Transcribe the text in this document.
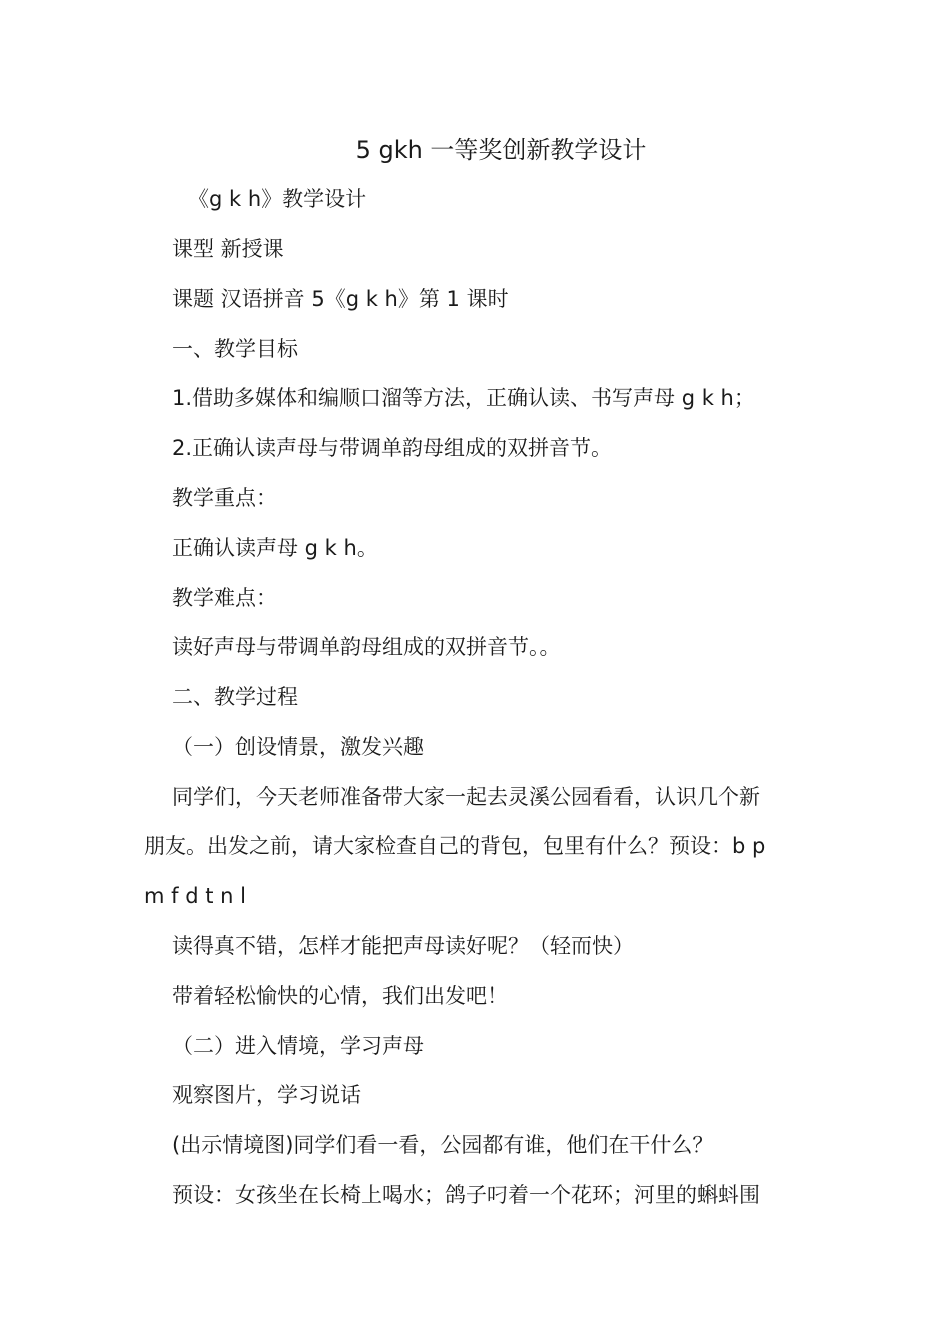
5 gkh 一等奖创新教学设计
《g k h》教学设计
课型 新授课
课题 汉语拼音 5《g k h》第 1 课时
一、教学目标
1.借助多媒体和编顺口溜等方法，正确认读、书写声母 g k h；
2.正确认读声母与带调单韵母组成的双拼音节。
教学重点：
正确认读声母 g k h。
教学难点：
读好声母与带调单韵母组成的双拼音节。。
二、教学过程
（一）创设情景，激发兴趣
同学们，今天老师准备带大家一起去灵溪公园看看，认识几个新
朋友。出发之前，请大家检查自己的背包，包里有什么？预设：b p
m f d t n l
读得真不错，怎样才能把声母读好呢？（轻而快）
带着轻松愉快的心情，我们出发吧！
（二）进入情境，学习声母
观察图片，学习说话
(出示情境图)同学们看一看，公园都有谁，他们在干什么？
预设：女孩坐在长椅上喝水；鸽子叼着一个花环；河里的蝌蚪围
